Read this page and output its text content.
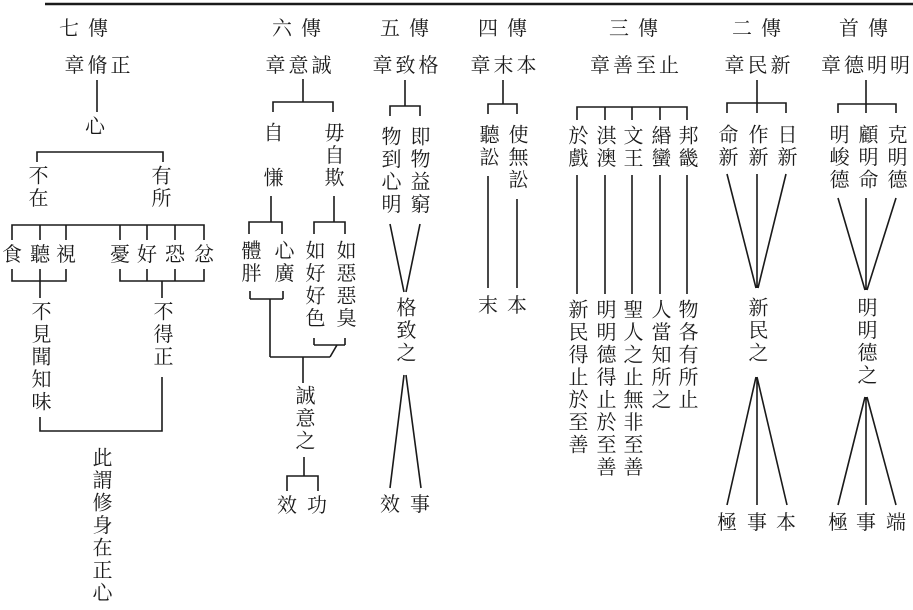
七傳	六傳	五傳 四傳	三傳	二傳 首傳
章脩正	章意誠 章致格 章末本	章善至止 章民新 章德明明
心
不在	有所
食 聽 視 憂 好 恐 忿
不見聞知味	不得正
此謂修身在正心
自　慊 毋自欺
體胖 心廣 如好好色 如惡惡臭
誠意之
效 功
物到心明 即物益窮
格致之
效 事
聽訟 使無訟
末 本
於戲 淇澳 文王 緡蠻 邦畿
新民得止於至善 明明德得止於至善 聖人之止無非至善 人當知所之 物各有所止
命新 作新 日新
新民之
極 事 本
明峻德 顧明命 克明德
明明德之
極 事 端
